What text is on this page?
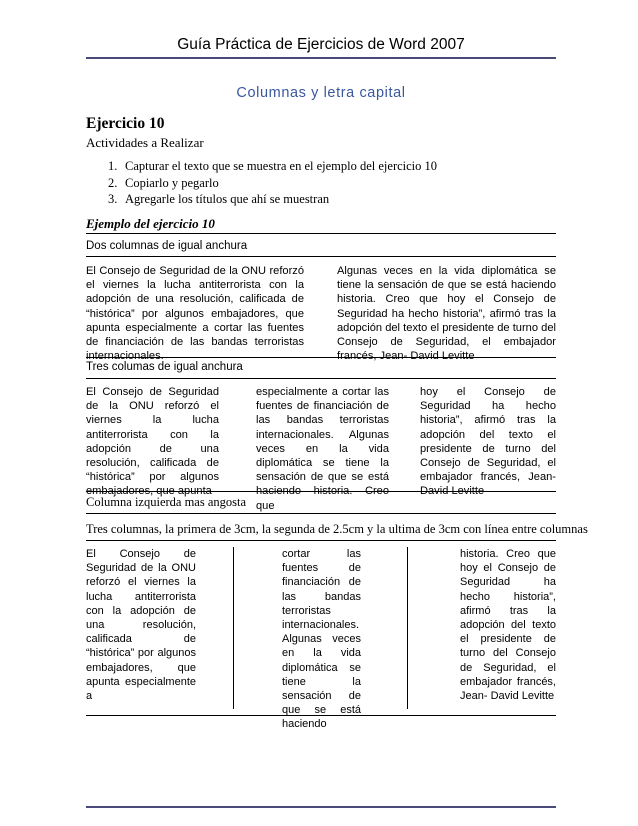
Guía Práctica de Ejercicios de Word 2007
Columnas y letra capital
Ejercicio 10
Actividades a Realizar
1. Capturar el texto que se muestra en el ejemplo del ejercicio 10
2. Copiarlo y pegarlo
3. Agregarle los títulos que ahí se muestran
Ejemplo del ejercicio 10
Dos columnas de igual anchura
El Consejo de Seguridad de la ONU reforzó el viernes la lucha antiterrorista con la adopción de una resolución, calificada de “histórica” por algunos embajadores, que apunta especialmente a cortar las fuentes de financiación de las bandas terroristas internacionales.
Algunas veces en la vida diplomática se tiene la sensación de que se está haciendo historia. Creo que hoy el Consejo de Seguridad ha hecho historia”, afirmó tras la adopción del texto el presidente de turno del Consejo de Seguridad, el embajador francés, Jean- David Levitte
Tres columas de igual anchura
El Consejo de Seguridad de la ONU reforzó el viernes la lucha antiterrorista con la adopción de una resolución, calificada de “histórica” por algunos embajadores, que apunta
especialmente a cortar las fuentes de financiación de las bandas terroristas internacionales. Algunas veces en la vida diplomática se tiene la sensación de que se está haciendo historia. Creo que
hoy el Consejo de Seguridad ha hecho historia”, afirmó tras la adopción del texto el presidente de turno del Consejo de Seguridad, el embajador francés, Jean- David Levitte
Columna izquierda mas angosta
Tres columnas, la primera de 3cm, la segunda de 2.5cm y la ultima de 3cm con línea entre columnas
El Consejo de Seguridad de la ONU reforzó el viernes la lucha antiterrorista con la adopción de una resolución, calificada de “histórica” por algunos embajadores, que apunta especialmente a
cortar las fuentes de financiación de las bandas terroristas internacionales. Algunas veces en la vida diplomática se tiene la sensación de que se está haciendo
historia. Creo que hoy el Consejo de Seguridad ha hecho historia”, afirmó tras la adopción del texto el presidente de turno del Consejo de Seguridad, el embajador francés, Jean- David Levitte
